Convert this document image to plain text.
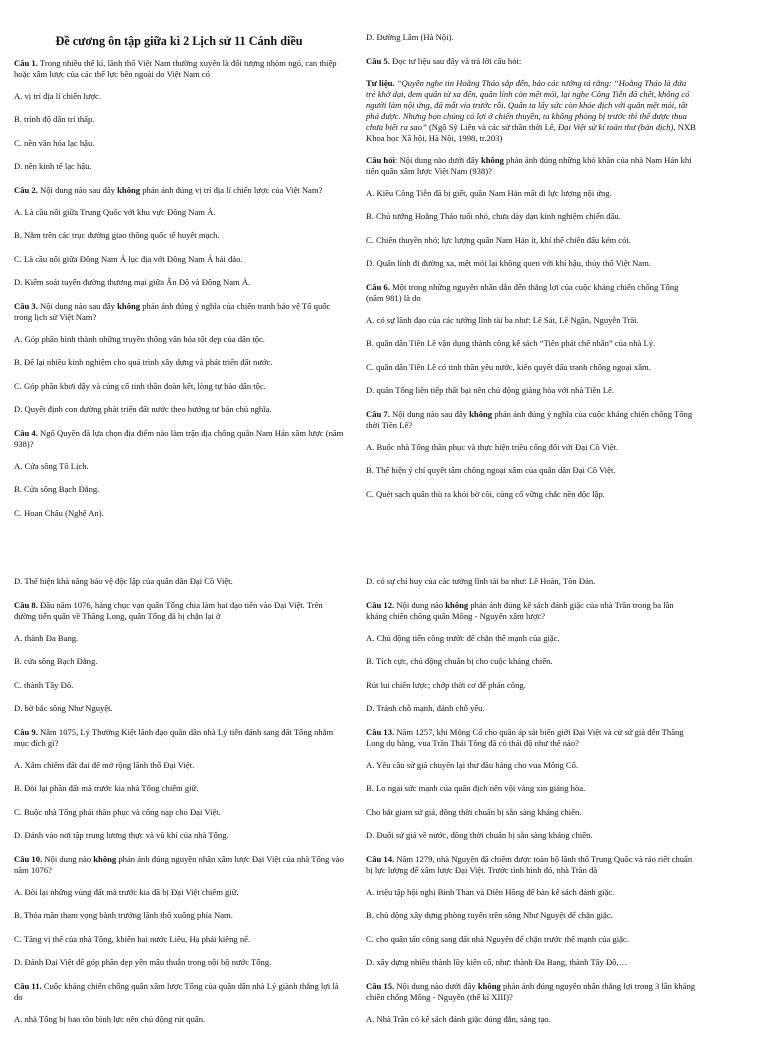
Đề cương ôn tập giữa kì 2 Lịch sử 11 Cánh diều
Câu 1. Trong nhiều thế kỉ, lãnh thổ Việt Nam thường xuyên là đối tượng nhòm ngó, can thiệp hoặc xâm lược của các thế lực bên ngoài do Việt Nam có
A. vị trí địa lí chiến lược.
B. trình độ dân trí thấp.
C. nền văn hóa lạc hậu.
D. nền kinh tế lạc hậu.
Câu 2. Nội dung nào sau đây không phản ánh đúng vị trí địa lí chiến lược của Việt Nam?
A. Là cầu nối giữa Trung Quốc với khu vực Đông Nam Á.
B. Nằm trên các trục đường giao thông quốc tế huyết mạch.
C. Là cầu nối giữa Đông Nam Á lục địa với Đông Nam Á hải đảo.
D. Kiểm soát tuyến đường thương mại giữa Ấn Độ và Đông Nam Á.
Câu 3. Nội dung nào sau đây không phản ánh đúng ý nghĩa của chiến tranh bảo vệ Tổ quốc trong lịch sử Việt Nam?
A. Góp phần hình thành những truyền thống văn hóa tốt đẹp của dân tộc.
B. Để lại nhiều kinh nghiệm cho quá trình xây dựng và phát triển đất nước.
C. Góp phần khơi dậy và củng cố tinh thần đoàn kết, lòng tự hào dân tộc.
D. Quyết định con đường phát triển đất nước theo hướng tư bản chủ nghĩa.
Câu 4. Ngô Quyền đã lựa chọn địa điểm nào làm trận địa chống quân Nam Hán xâm lược (năm 938)?
A. Cửa sông Tô Lịch.
B. Cửa sông Bạch Đằng.
C. Hoan Châu (Nghệ An).
D. Đường Lâm (Hà Nội).
Câu 5. Đọc tư liệu sau đây và trả lời câu hỏi:
Tư liệu. “Quyền nghe tin Hoằng Tháo sắp đến, bảo các tướng tá rằng: “Hoằng Tháo là đứa trẻ khờ dại, đem quân từ xa đến, quân lính còn mệt mỏi, lại nghe Công Tiễn đã chết, không có người làm nội ứng, đã mất vía trước rồi. Quân ta lấy sức còn khỏe địch với quân mệt mỏi, tất phá được. Nhưng bọn chúng có lợi ở chiến thuyền, ta không phòng bị trước thì thế được thua chưa biết ra sao” (Ngô Sỹ Liên và các sử thần thời Lê, Đại Việt sử kí toàn thư (bản dịch), NXB Khoa học Xã hội, Hà Nội, 1998, tr.203)
Câu hỏi: Nội dung nào dưới đây không phản ánh đúng những khó khăn của nhà Nam Hán khi tiến quân xâm lược Việt Nam (938)?
A. Kiều Công Tiễn đã bị giết, quân Nam Hán mất đi lực lượng nội ứng.
B. Chủ tướng Hoằng Tháo tuổi nhỏ, chưa dày dạn kinh nghiệm chiến đấu.
C. Chiến thuyền nhỏ; lực lượng quân Nam Hán ít, khí thế chiến đấu kém cỏi.
D. Quân lính đi đường xa, mệt mỏi lại không quen với khí hậu, thủy thổ Việt Nam.
Câu 6. Một trong những nguyên nhân dẫn đến thắng lợi của cuộc kháng chiến chống Tống (năm 981) là do
A. có sự lãnh đạo của các tướng lĩnh tài ba như: Lê Sát, Lê Ngân, Nguyễn Trãi.
B. quân dân Tiền Lê vận dụng thành công kế sách “Tiên phát chế nhân” của nhà Lý.
C. quân dân Tiền Lê có tinh thần yêu nước, kiên quyết đấu tranh chống ngoại xâm.
D. quân Tống liên tiếp thất bại nên chủ động giảng hòa với nhà Tiền Lê.
Câu 7. Nội dung nào sau đây không phản ánh đúng ý nghĩa của cuộc kháng chiến chống Tống thời Tiền Lê?
A. Buộc nhà Tống thần phục và thực hiện triều cống đối với Đại Cồ Việt.
B. Thể hiện ý chí quyết tâm chống ngoại xâm của quân dân Đại Cồ Việt.
C. Quét sạch quân thù ra khỏi bờ cõi, củng cố vững chắc nền độc lập.
D. Thể hiện khả năng bảo vệ độc lập của quân dân Đại Cồ Việt.
Câu 8. Đầu năm 1076, hàng chục vạn quân Tống chia làm hai đạo tiến vào Đại Việt. Trên đường tiến quân về Thăng Long, quân Tống đã bị chặn lại ở
A. thành Đa Bang.
B. cửa sông Bạch Đằng.
C. thành Tây Đô.
D. bờ bắc sông Như Nguyệt.
Câu 9. Năm 1075, Lý Thường Kiệt lãnh đạo quân dân nhà Lý tiến đánh sang đất Tống nhằm mục đích gì?
A. Xâm chiếm đất đai để mở rộng lãnh thổ Đại Việt.
B. Đòi lại phần đất mà trước kia nhà Tống chiếm giữ.
C. Buộc nhà Tống phải thần phục và cống nạp cho Đại Việt.
D. Đánh vào nơi tập trung lương thực và vũ khí của nhà Tống.
Câu 10. Nội dung nào không phản ánh đúng nguyên nhân xâm lược Đại Việt của nhà Tống vào năm 1076?
A. Đòi lại những vùng đất mà trước kia đã bị Đại Việt chiếm giữ.
B. Thỏa mãn tham vọng bành trướng lãnh thổ xuống phía Nam.
C. Tăng vị thế của nhà Tống, khiến hai nước Liêu, Hạ phải kiêng nể.
D. Đánh Đại Việt để góp phần dẹp yên mâu thuẫn trong nội bộ nước Tống.
Câu 11. Cuộc kháng chiến chống quân xâm lược Tống của quân dân nhà Lý giành thắng lợi là do
A. nhà Tống bị bao tôn bình lực nên chủ động rút quân.
D. có sự chỉ huy của các tướng lĩnh tài ba như: Lê Hoàn, Tôn Đản.
Câu 12. Nội dung nào không phản ánh đúng kế sách đánh giặc của nhà Trần trong ba lần kháng chiến chống quân Mông - Nguyên xâm lược?
A. Chủ động tiến công trước để chặn thế mạnh của giặc.
B. Tích cực, chủ động chuẩn bị cho cuộc kháng chiến.
Rút lui chiến lược; chớp thời cơ để phản công.
D. Tránh chỗ mạnh, đánh chỗ yếu.
Câu 13. Năm 1257, khi Mông Cổ cho quân áp sát biên giới Đại Việt và cử sứ giả đến Thăng Long dụ hàng, vua Trần Thái Tông đã có thái độ như thế nào?
A. Yêu cầu sứ giả chuyển lại thư đầu hàng cho vua Mông Cổ.
B. Lo ngại sức mạnh của quân địch nên vội vàng xin giảng hòa.
Cho bắt giam sứ giả, đồng thời chuẩn bị sẵn sàng kháng chiến.
D. Đuổi sứ giả về nước, đồng thời chuẩn bị sẵn sàng kháng chiến.
Câu 14. Năm 1279, nhà Nguyên đã chiếm được toàn bộ lãnh thổ Trung Quốc và ráo riết chuẩn bị lực lượng để xâm lược Đại Việt. Trước tình hình đó, nhà Trần đã
A. triệu tập hội nghị Bình Than và Diên Hồng để bàn kế sách đánh giặc.
B. chủ động xây dựng phòng tuyến trên sông Như Nguyệt để chặn giặc.
C. cho quân tấn công sang đất nhà Nguyên để chặn trước thế mạnh của giặc.
D. xây dựng nhiều thành lũy kiên cố, như: thành Đa Bang, thành Tây Đô,…
Câu 15. Nội dung nào dưới đây không phản ánh đúng nguyên nhân thắng lợi trong 3 lần kháng chiến chống Mông - Nguyên (thế kỉ XIII)?
A. Nhà Trần có kế sách đánh giặc đúng đắn, sáng tạo.
